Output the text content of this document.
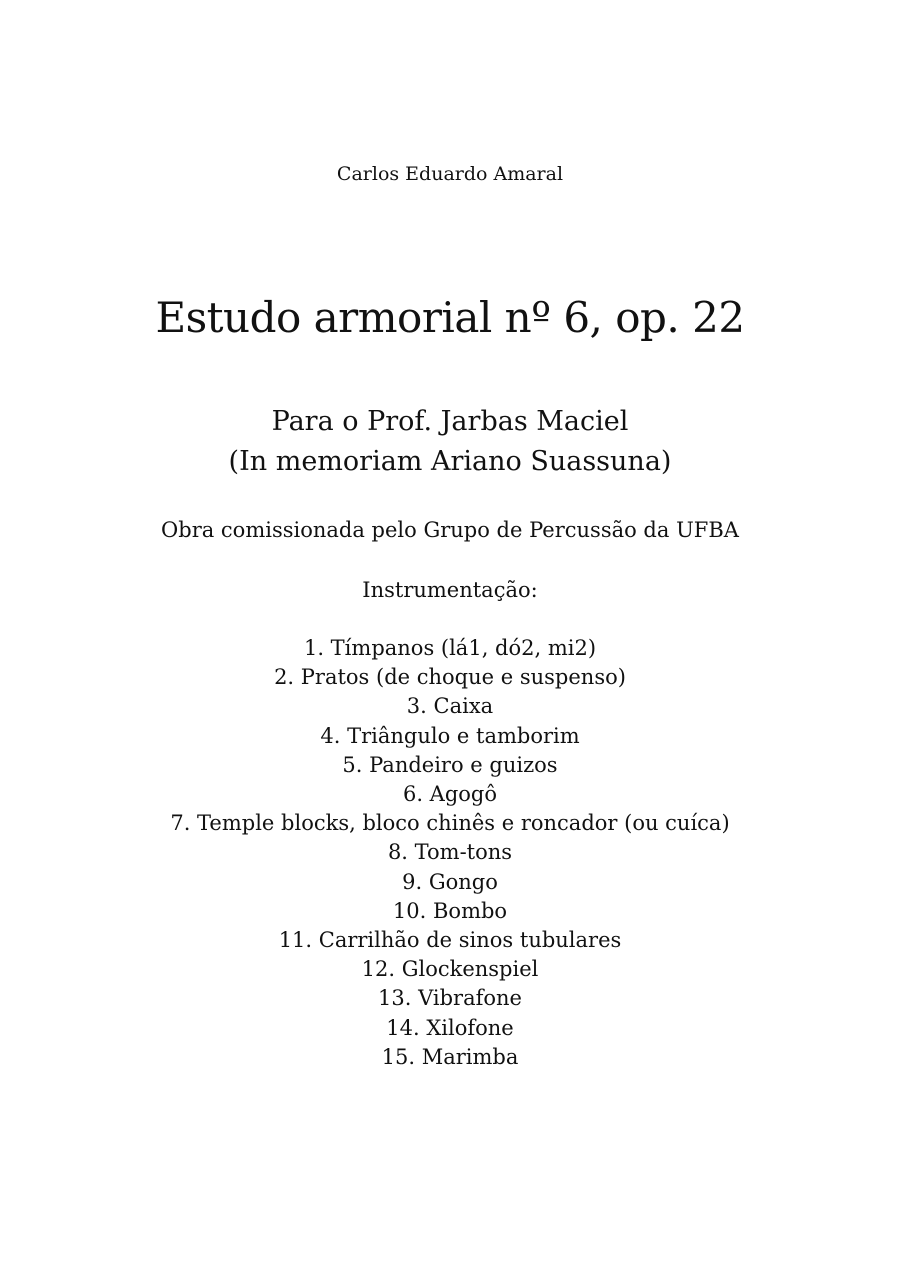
Carlos Eduardo Amaral
Estudo armorial nº 6, op. 22
Para o Prof. Jarbas Maciel
(In memoriam Ariano Suassuna)
Obra comissionada pelo Grupo de Percussão da UFBA
Instrumentação:
1. Tímpanos (lá1, dó2, mi2)
2. Pratos (de choque e suspenso)
3. Caixa
4. Triângulo e tamborim
5. Pandeiro e guizos
6. Agogô
7. Temple blocks, bloco chinês e roncador (ou cuíca)
8. Tom-tons
9. Gongo
10. Bombo
11. Carrilhão de sinos tubulares
12. Glockenspiel
13. Vibrafone
14. Xilofone
15. Marimba
